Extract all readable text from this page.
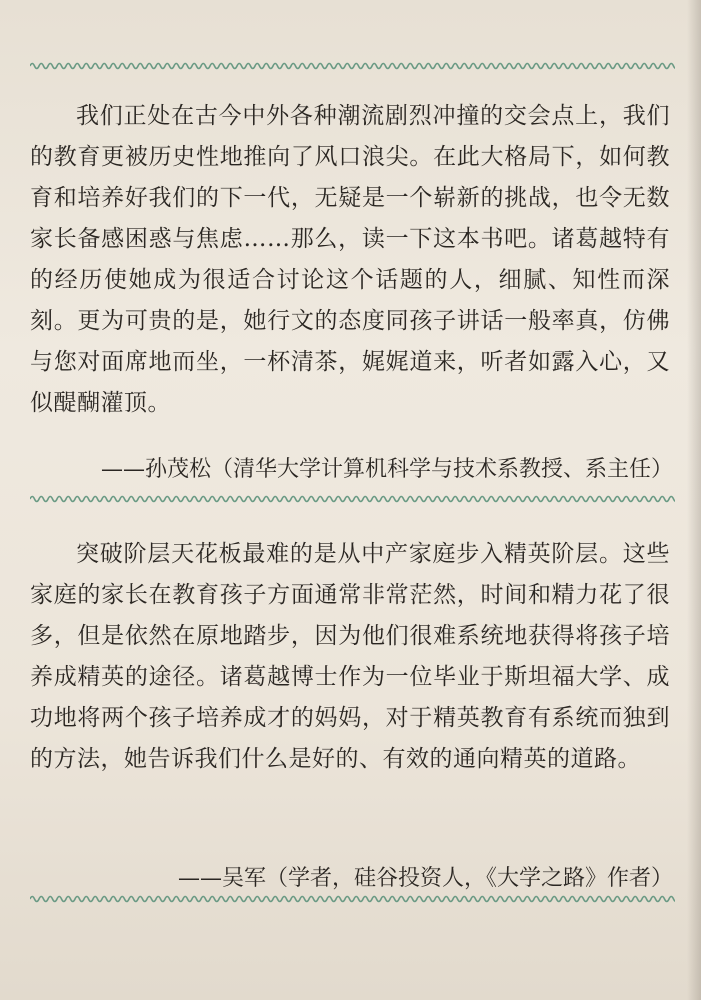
我们正处在古今中外各种潮流剧烈冲撞的交会点上，我们的教育更被历史性地推向了风口浪尖。在此大格局下，如何教育和培养好我们的下一代，无疑是一个崭新的挑战，也令无数家长备感困惑与焦虑……那么，读一下这本书吧。诸葛越特有的经历使她成为很适合讨论这个话题的人，细腻、知性而深刻。更为可贵的是，她行文的态度同孩子讲话一般率真，仿佛与您对面席地而坐，一杯清茶，娓娓道来，听者如露入心，又似醍醐灌顶。

——孙茂松（清华大学计算机科学与技术系教授、系主任）

突破阶层天花板最难的是从中产家庭步入精英阶层。这些家庭的家长在教育孩子方面通常非常茫然，时间和精力花了很多，但是依然在原地踏步，因为他们很难系统地获得将孩子培养成精英的途径。诸葛越博士作为一位毕业于斯坦福大学、成功地将两个孩子培养成才的妈妈，对于精英教育有系统而独到的方法，她告诉我们什么是好的、有效的通向精英的道路。

——吴军（学者，硅谷投资人，《大学之路》作者）
